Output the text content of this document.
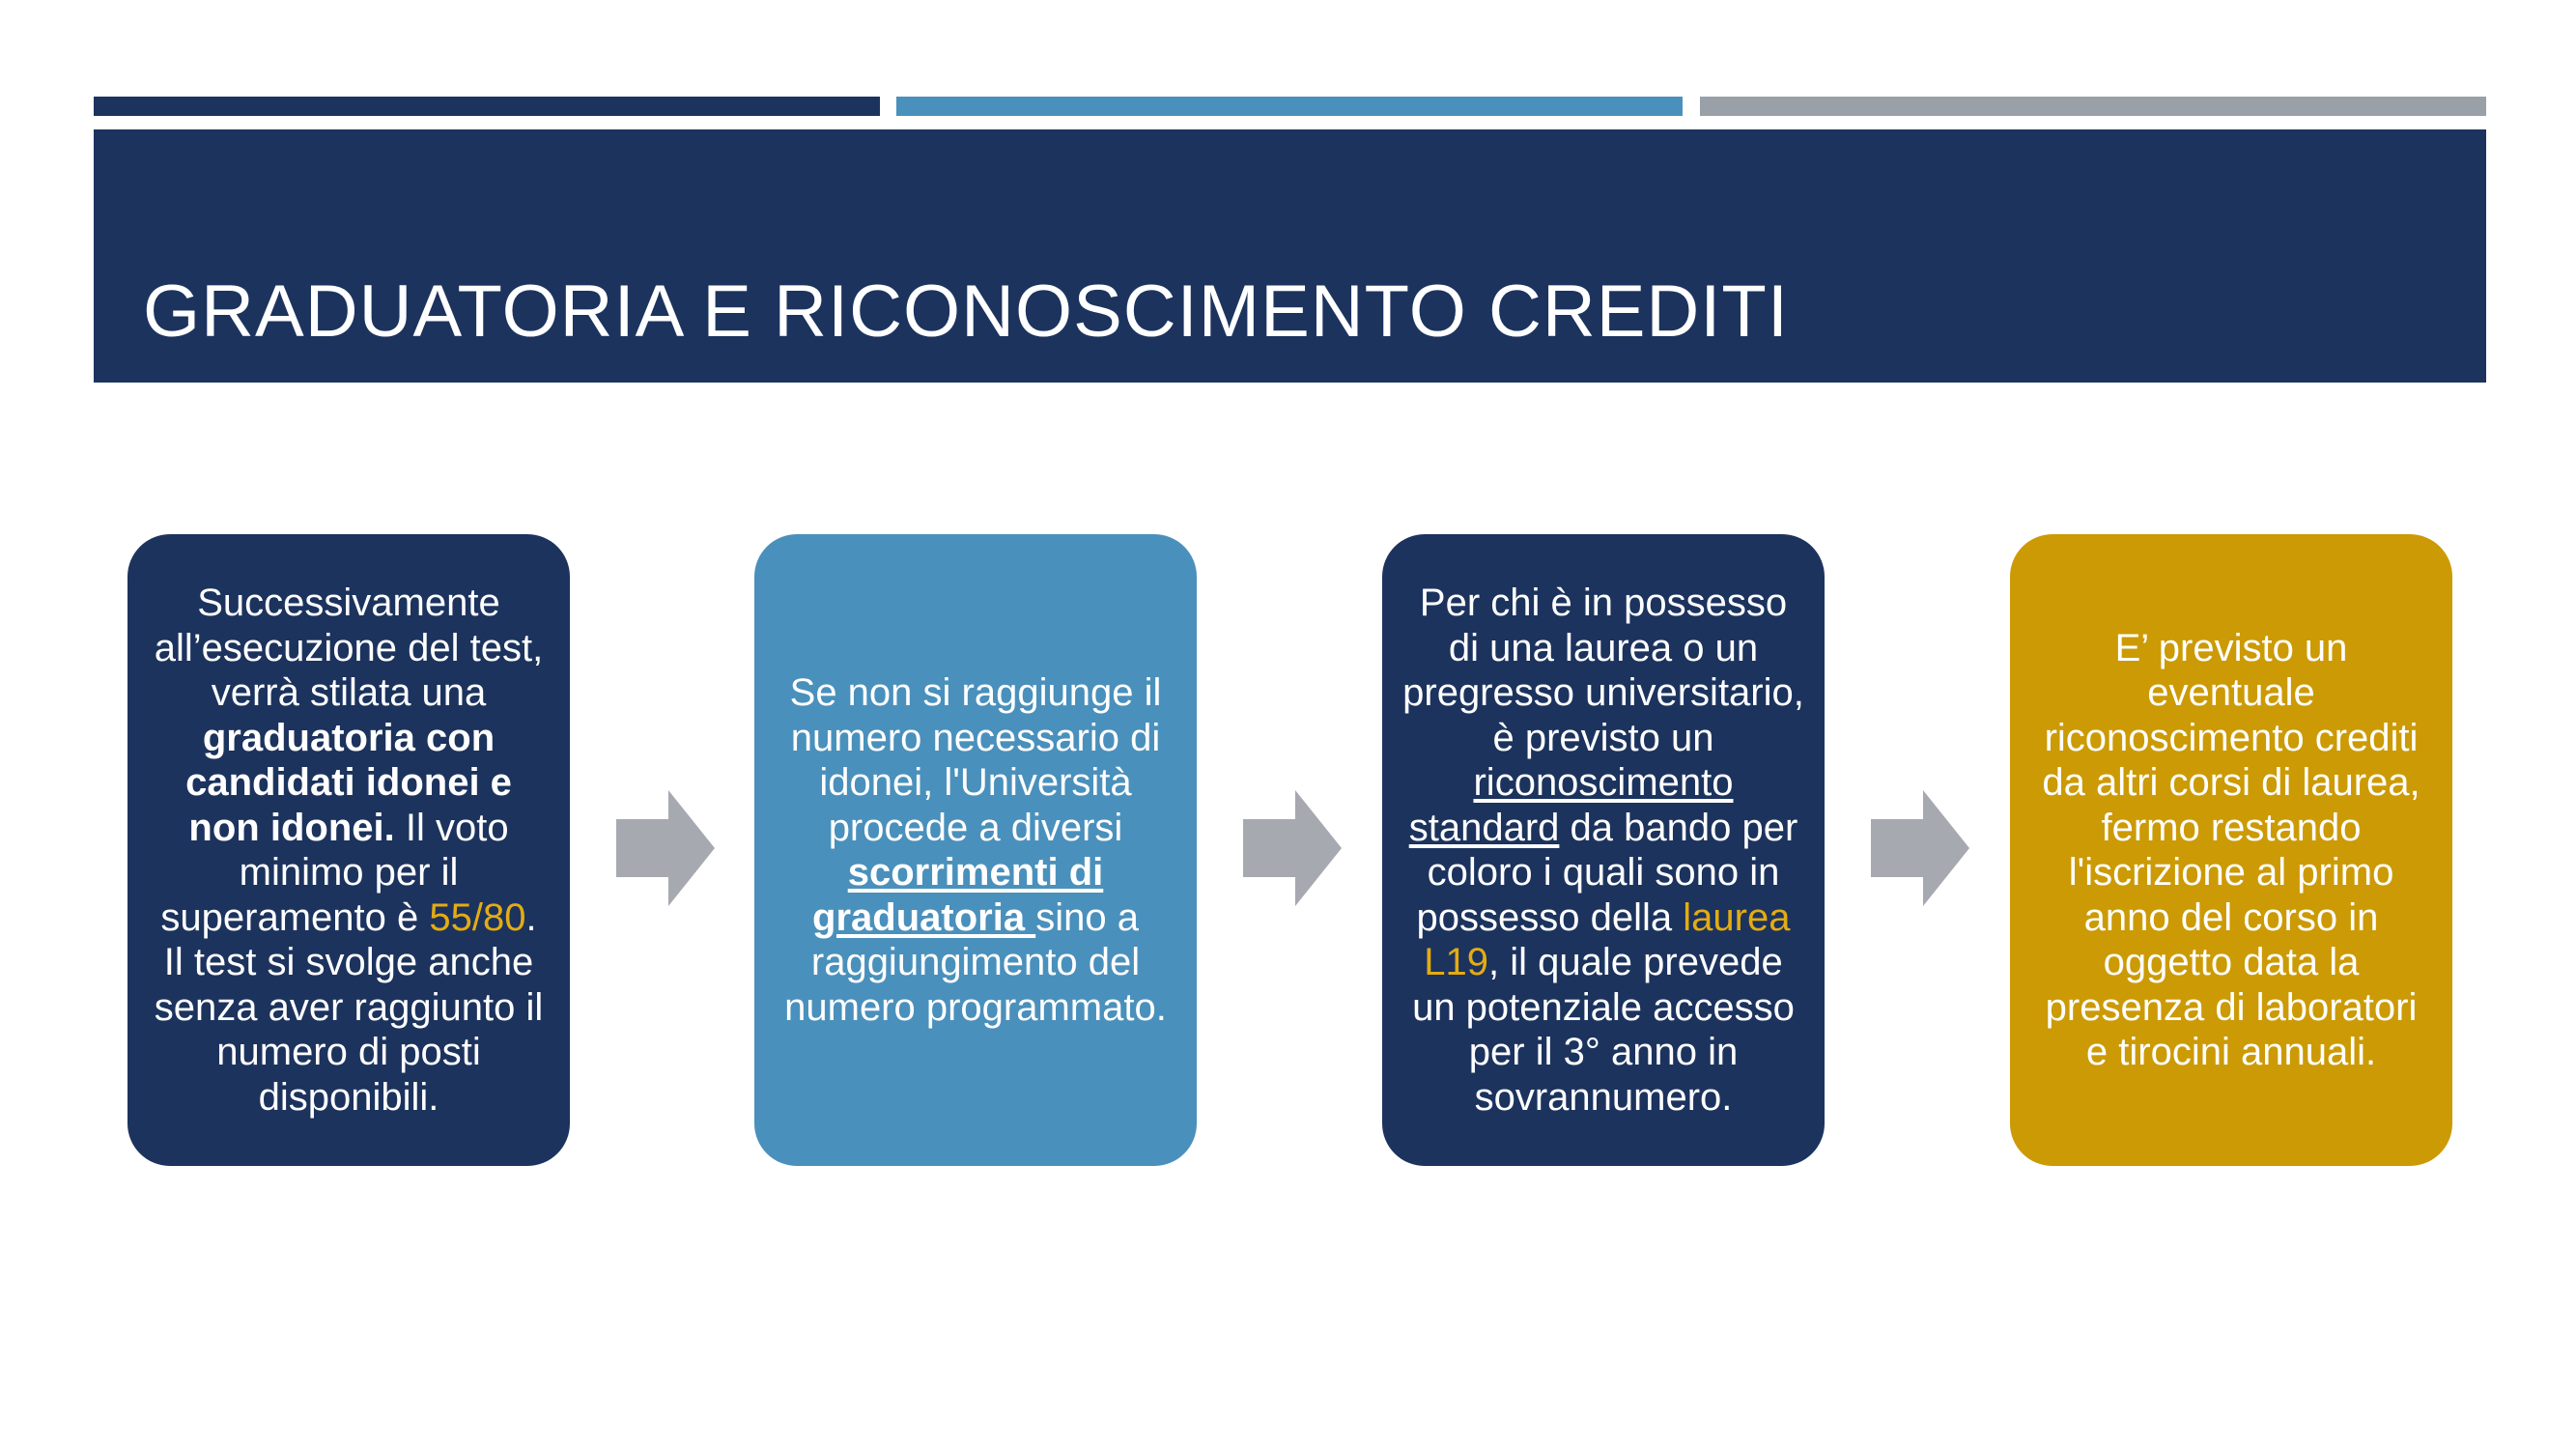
GRADUATORIA E RICONOSCIMENTO CREDITI

Successivamente all’esecuzione del test, verrà stilata una graduatoria con candidati idonei e non idonei. Il voto minimo per il superamento è 55/80. Il test si svolge anche senza aver raggiunto il numero di posti disponibili.

Se non si raggiunge il numero necessario di idonei, l'Università procede a diversi scorrimenti di graduatoria sino a raggiungimento del numero programmato.

Per chi è in possesso di una laurea o un pregresso universitario, è previsto un riconoscimento standard da bando per coloro i quali sono in possesso della laurea L19, il quale prevede un potenziale accesso per il 3° anno in sovrannumero.

E’ previsto un eventuale riconoscimento crediti da altri corsi di laurea, fermo restando l'iscrizione al primo anno del corso in oggetto data la presenza di laboratori e tirocini annuali.
